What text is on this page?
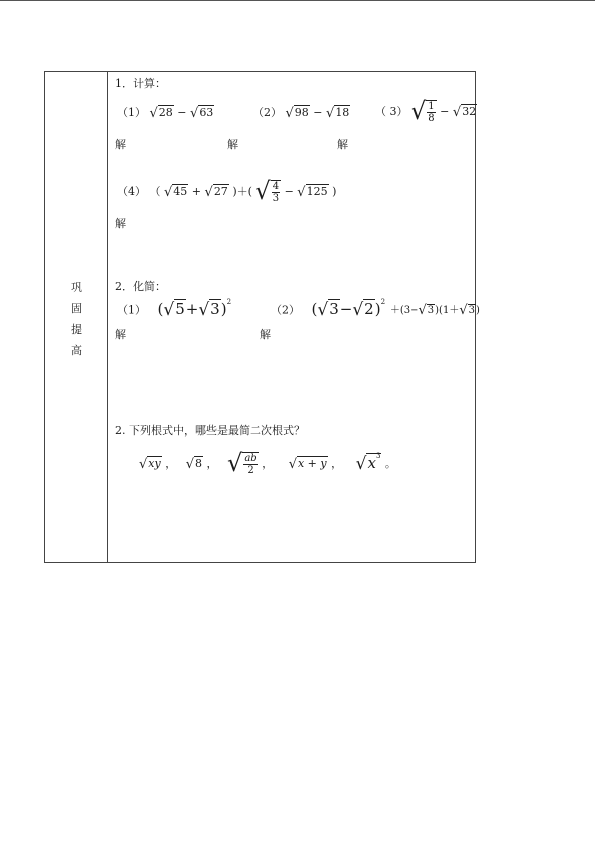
巩
固
提
高
1．计算：
（1） √28 − √63	（2） √98 − √18 （ 3） √ $\frac{1}{8} - √32$
解	解	解
（4） （ √45 + √27 )＋( √ $\frac{4}{3} - √125$ )
解
2．化简：
（1） $(√5+√3)^2$
（2） $(√3-√2)^2 +(3-√3)(1+√3)$
解	解
2. 下列根式中，哪些是最简二次根式？
√xy ， √8 ， √ $\frac{ab}{2}$ ， √x + y ， $√x^3$ 。
